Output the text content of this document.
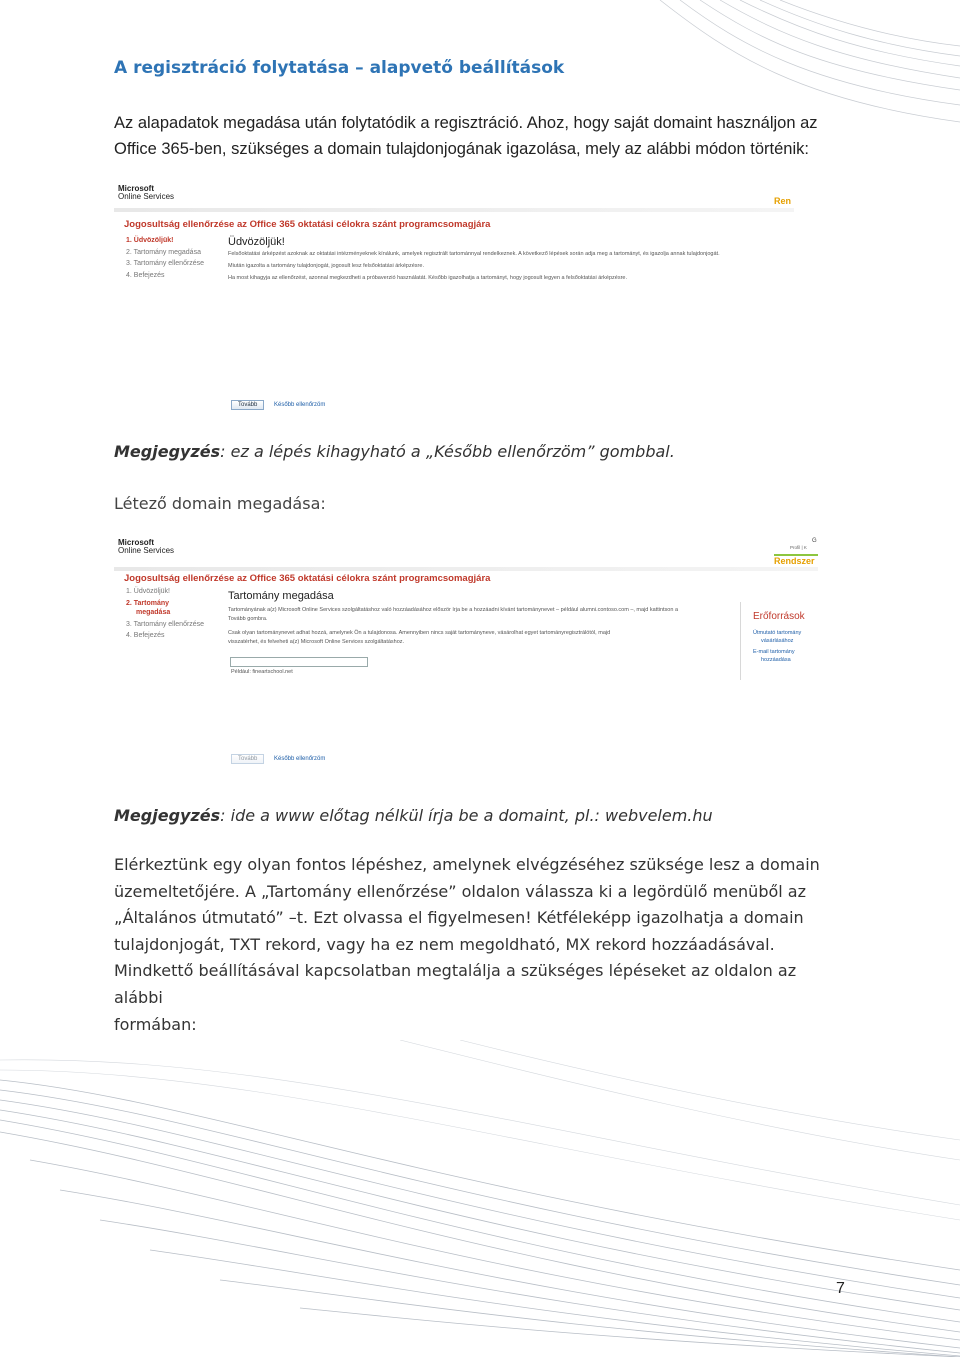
A regisztráció folytatása – alapvető beállítások
Az alapadatok megadása után folytatódik a regisztráció. Ahoz, hogy saját domaint használjon az
Office 365-ben, szükséges a domain tulajdonjogának igazolása, mely az alábbi módon történik:
Microsoft
Online Services	Ren
Jogosultság ellenőrzése az Office 365 oktatási célokra szánt programcsomagjára
1. Üdvözöljük!
2. Tartomány megadása
3. Tartomány ellenőrzése
4. Befejezés
Üdvözöljük!
Felsőoktatási árképzést azoknak az oktatási intézményeknek kínálunk, amelyek regisztrált tartománnyal rendelkeznek. A következő lépések során adja meg a tartományt, és igazolja annak tulajdonjogát.
Miután igazolta a tartomány tulajdonjogát, jogosult lesz felsőoktatási árképzésre.
Ha most kihagyja az ellenőrzést, azonnal megkezdheti a próbaverzió használatát. Később igazolhatja a tartományt, hogy jogosult legyen a felsőoktatási árképzésre.
Tovább	Később ellenőrzöm

Megjegyzés: ez a lépés kihagyható a „Később ellenőrzöm” gombbal.

Létező domain megadása:

Microsoft
Online Services
G
Profil | K
Rendszer
Jogosultság ellenőrzése az Office 365 oktatási célokra szánt programcsomagjára
1. Üdvözöljük!
2. Tartomány
megadása
3. Tartomány ellenőrzése
4. Befejezés
Tartomány megadása
Tartományának a(z) Microsoft Online Services szolgáltatáshoz való hozzáadásához először írja be a hozzáadni kívánt tartománynevet – például alumni.contoso.com –, majd kattintson a
Tovább gombra.
Csak olyan tartománynevet adhat hozzá, amelynek Ön a tulajdonosa. Amennyiben nincs saját tartományneve, vásárolhat egyet tartományregisztrálótól, majd
visszatérhet, és felveheti a(z) Microsoft Online Services szolgáltatáshoz.
Például: fineartschool.net
Erőforrások
Útmutató tartomány
vásárlásához
E-mail tartomány
hozzáadása
Tovább	Később ellenőrzöm

Megjegyzés: ide a www előtag nélkül írja be a domaint, pl.: webvelem.hu

Elérkeztünk egy olyan fontos lépéshez, amelynek elvégzéséhez szüksége lesz a domain
üzemeltetőjére. A „Tartomány ellenőrzése” oldalon válassza ki a legördülő menüből az
„Általános útmutató” –t. Ezt olvassa el figyelmesen! Kétféleképp igazolhatja a domain
tulajdonjogát, TXT rekord, vagy ha ez nem megoldható, MX rekord hozzáadásával.
Mindkettő beállításával kapcsolatban megtalálja a szükséges lépéseket az oldalon az alábbi
formában:
7
